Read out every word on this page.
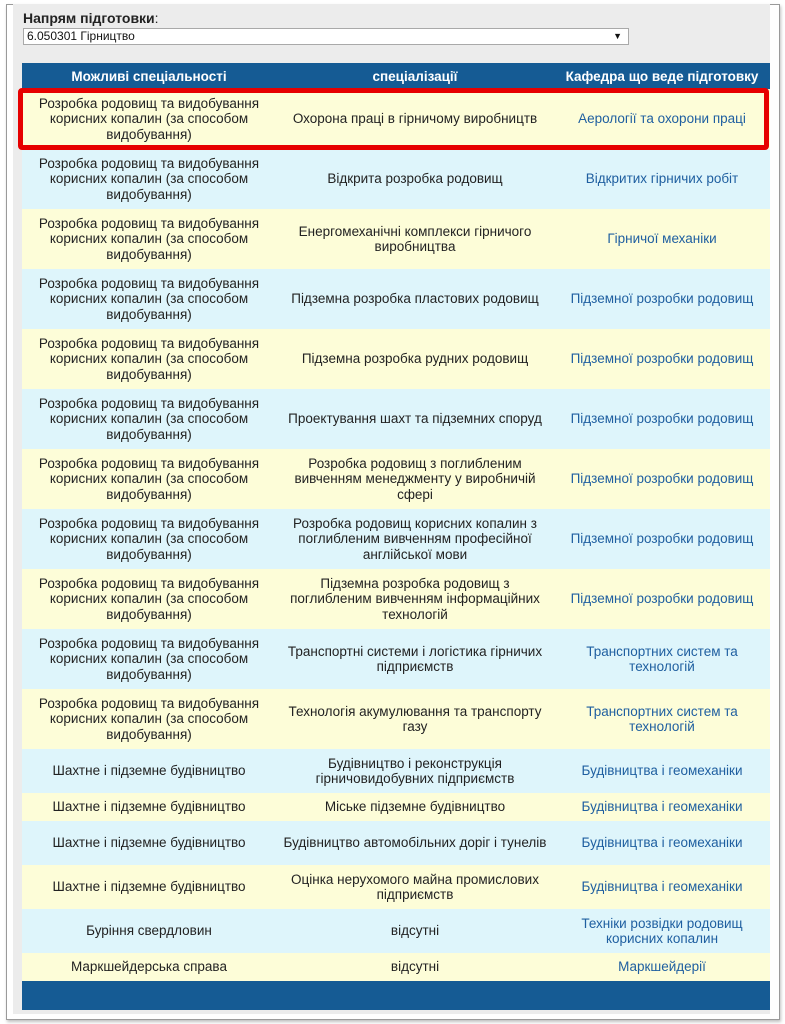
Напрям підготовки:
6.050301 Гірництво	▼
Можливі спеціальності	спеціалізації	Кафедра що веде підготовку
Розробка родовищ та видобування корисних копалин (за способом видобування)	Охорона праці в гірничому виробництв	Аерології та охорони праці
Розробка родовищ та видобування корисних копалин (за способом видобування)	Відкрита розробка родовищ	Відкритих гірничих робіт
Розробка родовищ та видобування корисних копалин (за способом видобування)	Енергомеханічні комплекси гірничого виробництва	Гірничої механіки
Розробка родовищ та видобування корисних копалин (за способом видобування)	Підземна розробка пластових родовищ	Підземної розробки родовищ
Розробка родовищ та видобування корисних копалин (за способом видобування)	Підземна розробка рудних родовищ	Підземної розробки родовищ
Розробка родовищ та видобування корисних копалин (за способом видобування)	Проектування шахт та підземних споруд	Підземної розробки родовищ
Розробка родовищ та видобування корисних копалин (за способом видобування)	Розробка родовищ з поглибленим вивченням менеджменту у виробничій сфері	Підземної розробки родовищ
Розробка родовищ та видобування корисних копалин (за способом видобування)	Розробка родовищ корисних копалин з поглибленим вивченням професійної англійської мови	Підземної розробки родовищ
Розробка родовищ та видобування корисних копалин (за способом видобування)	Підземна розробка родовищ з поглибленим вивченням інформаційних технологій	Підземної розробки родовищ
Розробка родовищ та видобування корисних копалин (за способом видобування)	Транспортні системи і логістика гірничих підприємств	Транспортних систем та технологій
Розробка родовищ та видобування корисних копалин (за способом видобування)	Технологія акумулювання та транспорту газу	Транспортних систем та технологій
Шахтне і підземне будівництво	Будівництво і реконструкція гірничовидобувних підприємств	Будівництва і геомеханіки
Шахтне і підземне будівництво	Міське підземне будівництво	Будівництва і геомеханіки
Шахтне і підземне будівництво	Будівництво автомобільних доріг і тунелів	Будівництва і геомеханіки
Шахтне і підземне будівництво	Оцінка нерухомого майна промислових підприємств	Будівництва і геомеханіки
Буріння свердловин	відсутні	Техніки розвідки родовищ корисних копалин
Маркшейдерська справа	відсутні	Маркшейдерії
